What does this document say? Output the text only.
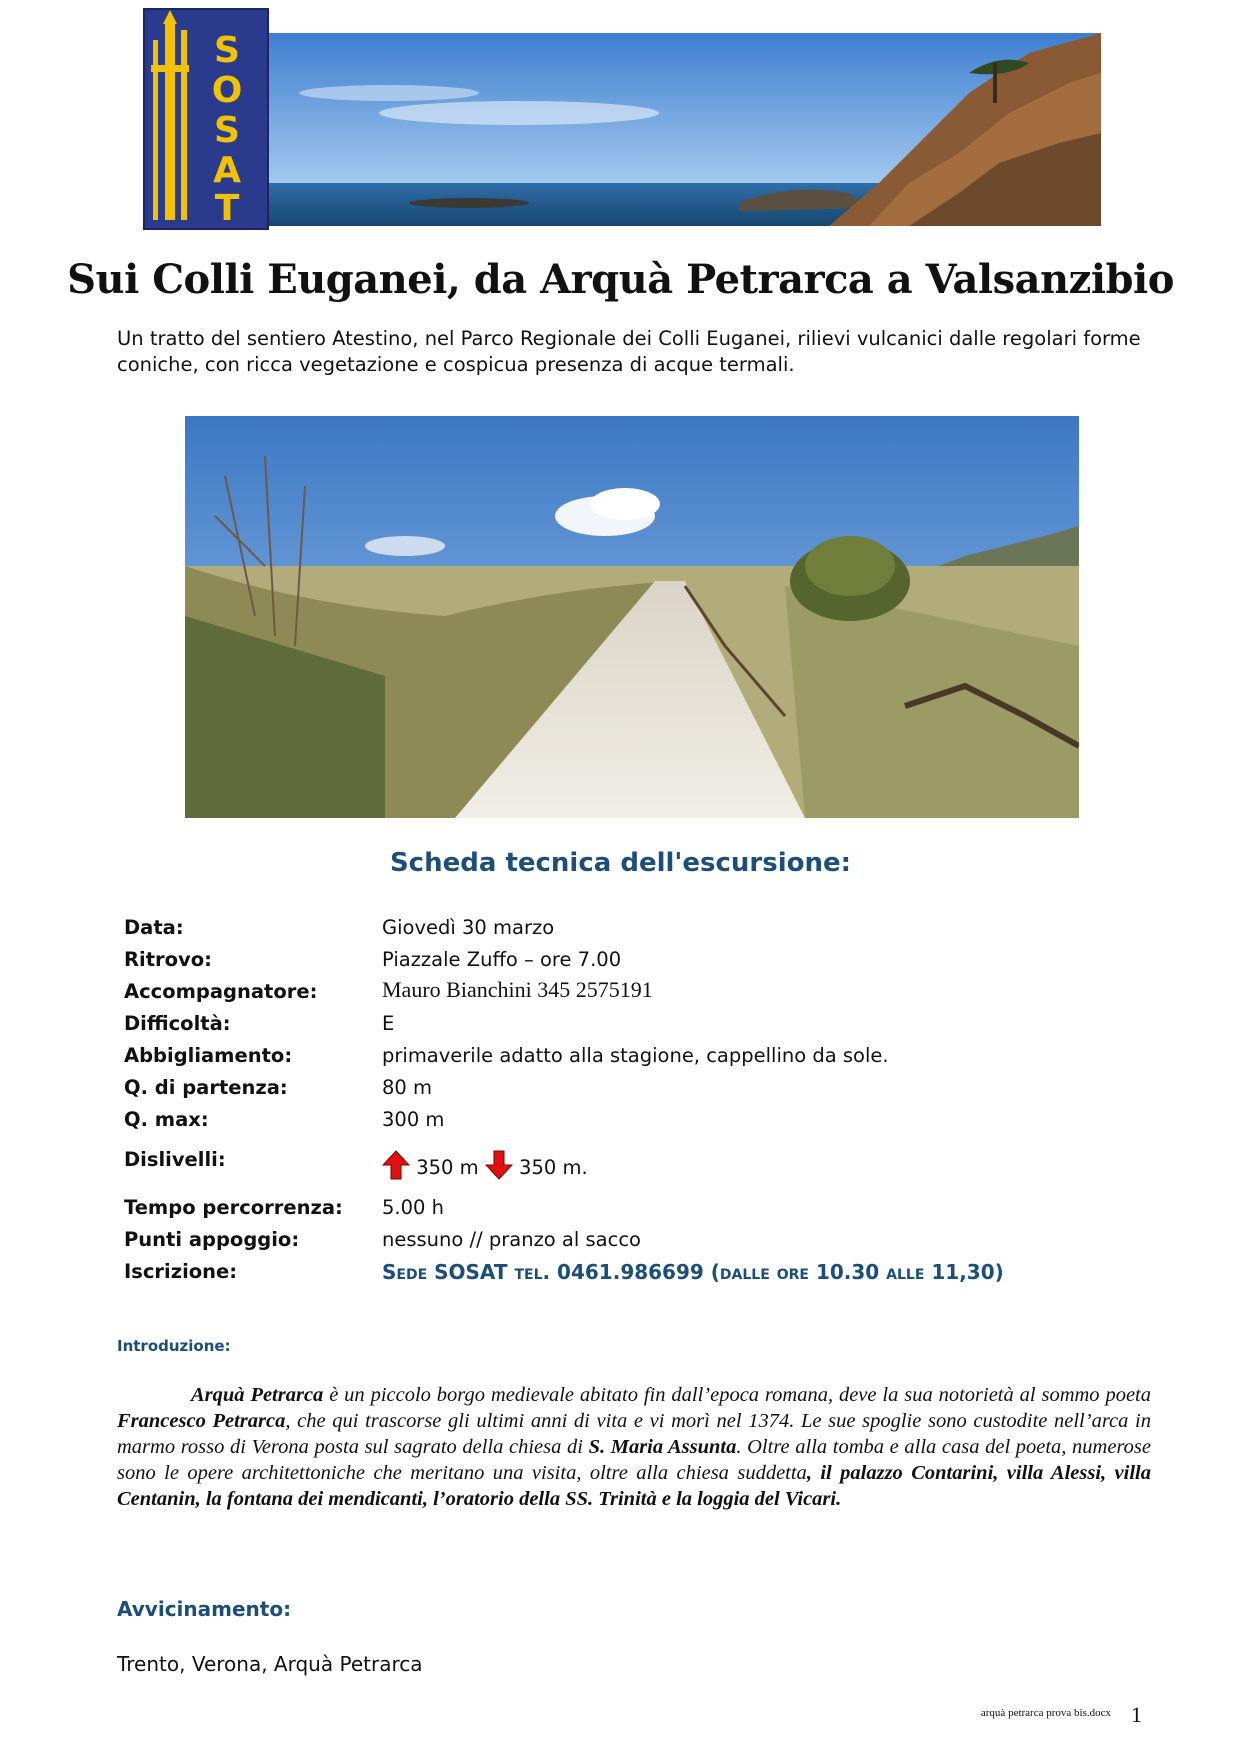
S
O
S
A
T
Sui Colli Euganei, da Arquà Petrarca a Valsanzibio

Un tratto del sentiero Atestino, nel Parco Regionale dei Colli Euganei, rilievi vulcanici dalle regolari forme coniche, con ricca vegetazione e cospicua presenza di acque termali.

Scheda tecnica dell'escursione:
Data:	Giovedì 30 marzo
Ritrovo:	Piazzale Zuffo – ore 7.00
Accompagnatore:	Mauro Bianchini 345 2575191
Difficoltà:	E
Abbigliamento:	primaverile adatto alla stagione, cappellino da sole.
Q. di partenza:	80 m
Q. max:	300 m
Dislivelli:	350 m 350 m.
Tempo percorrenza: 5.00 h
Punti appoggio:	nessuno // pranzo al sacco
Iscrizione:	Sede SOSAT tel. 0461.986699 (dalle ore 10.30 alle 11,30)

Introduzione:

Arquà Petrarca è un piccolo borgo medievale abitato fin dall’epoca romana, deve la sua notorietà al sommo poeta Francesco Petrarca, che qui trascorse gli ultimi anni di vita e vi morì nel 1374. Le sue spoglie sono custodite nell’arca in marmo rosso di Verona posta sul sagrato della chiesa di S. Maria Assunta. Oltre alla tomba e alla casa del poeta, numerose sono le opere architettoniche che meritano una visita, oltre alla chiesa suddetta, il palazzo Contarini, villa Alessi, villa Centanin, la fontana dei mendicanti, l’oratorio della SS. Trinità e la loggia del Vicari.

Avvicinamento:

Trento, Verona, Arquà Petrarca

arquà petrarca prova bis.docx 1
